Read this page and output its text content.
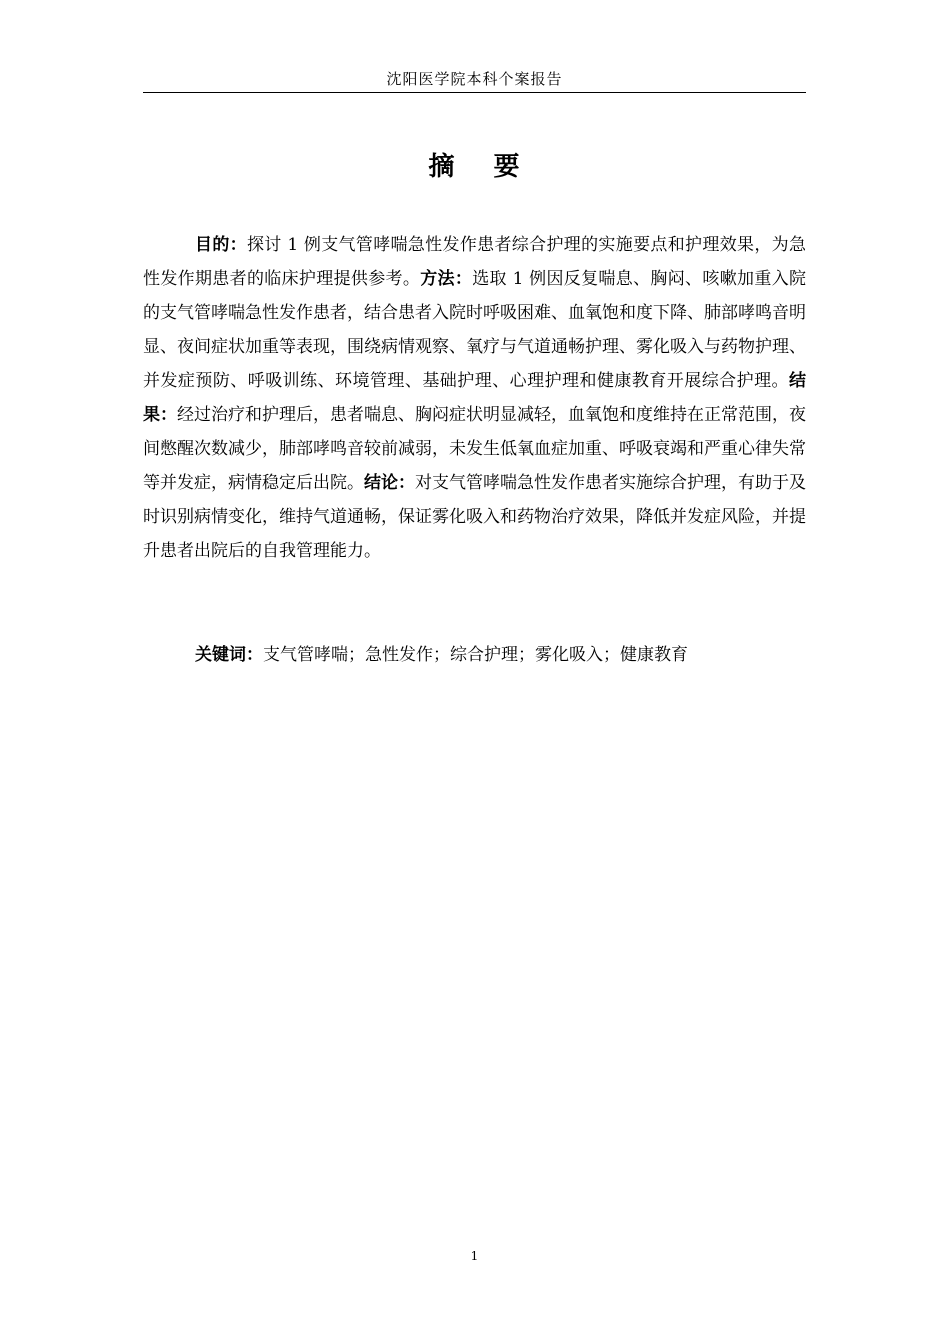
沈阳医学院本科个案报告
摘 要

目的：探讨 1 例支气管哮喘急性发作患者综合护理的实施要点和护理效果，为急性发作期患者的临床护理提供参考。方法：选取 1 例因反复喘息、胸闷、咳嗽加重入院的支气管哮喘急性发作患者，结合患者入院时呼吸困难、血氧饱和度下降、肺部哮鸣音明显、夜间症状加重等表现，围绕病情观察、氧疗与气道通畅护理、雾化吸入与药物护理、并发症预防、呼吸训练、环境管理、基础护理、心理护理和健康教育开展综合护理。结果：经过治疗和护理后，患者喘息、胸闷症状明显减轻，血氧饱和度维持在正常范围，夜间憋醒次数减少，肺部哮鸣音较前减弱，未发生低氧血症加重、呼吸衰竭和严重心律失常等并发症，病情稳定后出院。结论：对支气管哮喘急性发作患者实施综合护理，有助于及时识别病情变化，维持气道通畅，保证雾化吸入和药物治疗效果，降低并发症风险，并提升患者出院后的自我管理能力。

关键词：支气管哮喘；急性发作；综合护理；雾化吸入；健康教育

1
